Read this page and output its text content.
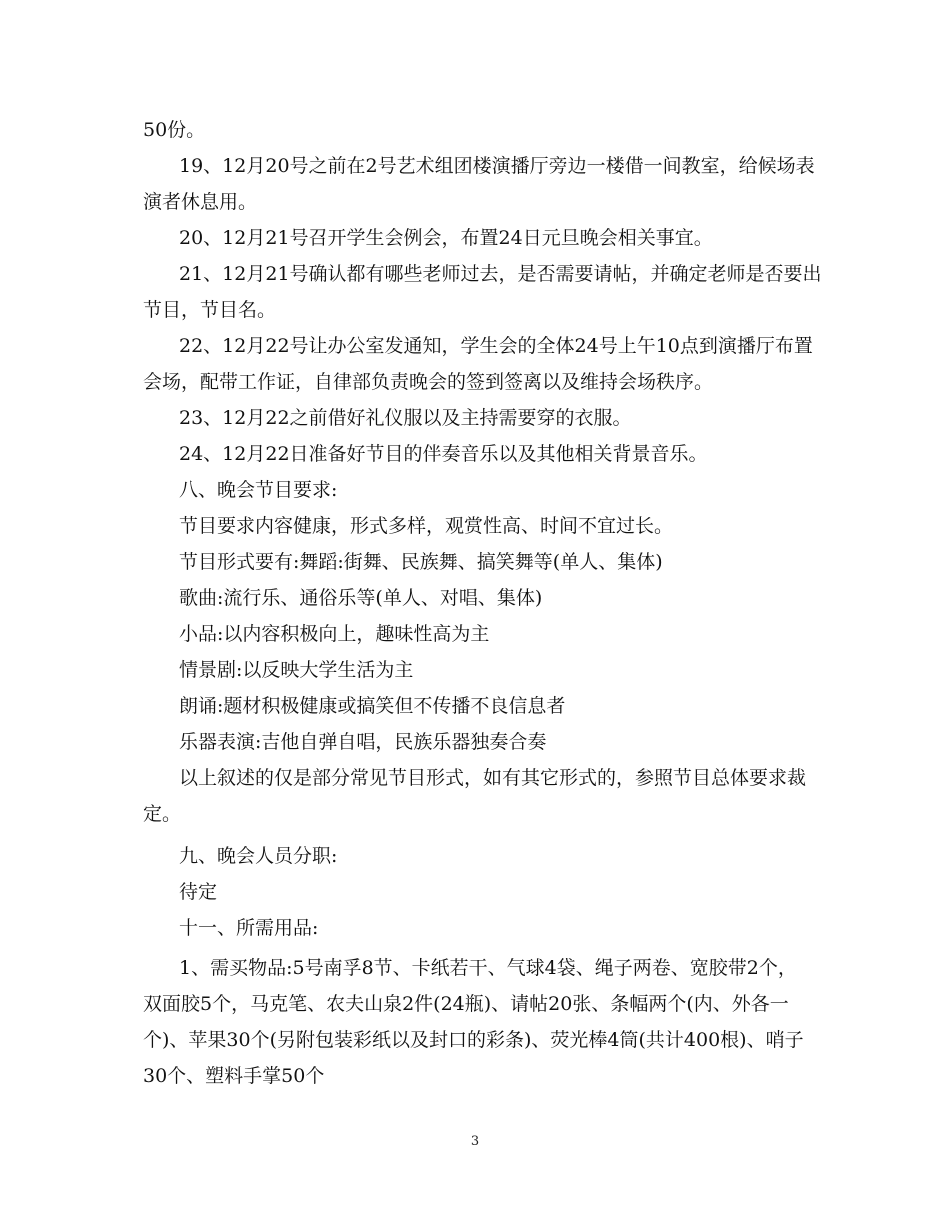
50份。
19、12月20号之前在2号艺术组团楼演播厅旁边一楼借一间教室，给候场表
演者休息用。
20、12月21号召开学生会例会，布置24日元旦晚会相关事宜。
21、12月21号确认都有哪些老师过去，是否需要请帖，并确定老师是否要出
节目，节目名。
22、12月22号让办公室发通知，学生会的全体24号上午10点到演播厅布置
会场，配带工作证，自律部负责晚会的签到签离以及维持会场秩序。
23、12月22之前借好礼仪服以及主持需要穿的衣服。
24、12月22日准备好节目的伴奏音乐以及其他相关背景音乐。
八、晚会节目要求:
节目要求内容健康，形式多样，观赏性高、时间不宜过长。
节目形式要有:舞蹈:街舞、民族舞、搞笑舞等(单人、集体)
歌曲:流行乐、通俗乐等(单人、对唱、集体)
小品:以内容积极向上，趣味性高为主
情景剧:以反映大学生活为主
朗诵:题材积极健康或搞笑但不传播不良信息者
乐器表演:吉他自弹自唱，民族乐器独奏合奏
以上叙述的仅是部分常见节目形式，如有其它形式的，参照节目总体要求裁
定。
九、晚会人员分职:
待定
十一、所需用品:
1、需买物品:5号南孚8节、卡纸若干、气球4袋、绳子两卷、宽胶带2个，
双面胶5个，马克笔、农夫山泉2件(24瓶)、请帖20张、条幅两个(内、外各一
个)、苹果30个(另附包装彩纸以及封口的彩条)、荧光棒4筒(共计400根)、哨子
30个、塑料手掌50个
3
